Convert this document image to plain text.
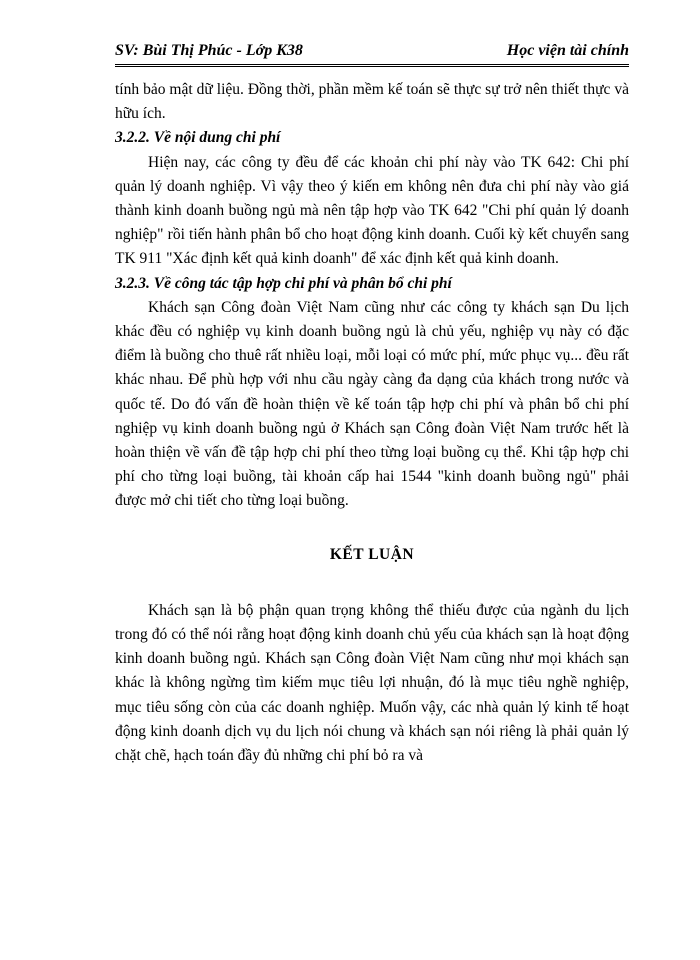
SV: Bùi Thị Phúc - Lớp K38	Học viện tài chính

tính bảo mật dữ liệu. Đồng thời, phần mềm kế toán sẽ thực sự trở nên thiết thực và hữu ích.

3.2.2. Về nội dung chi phí

Hiện nay, các công ty đều để các khoản chi phí này vào TK 642: Chi phí quản lý doanh nghiệp. Vì vậy theo ý kiến em không nên đưa chi phí này vào giá thành kinh doanh buồng ngủ mà nên tập hợp vào TK 642 "Chi phí quản lý doanh nghiệp" rồi tiến hành phân bổ cho hoạt động kinh doanh. Cuối kỳ kết chuyển sang TK 911 "Xác định kết quả kinh doanh" để xác định kết quả kinh doanh.

3.2.3. Về công tác tập hợp chi phí và phân bổ chi phí

Khách sạn Công đoàn Việt Nam cũng như các công ty khách sạn Du lịch khác đều có nghiệp vụ kinh doanh buồng ngủ là chủ yếu, nghiệp vụ này có đặc điểm là buồng cho thuê rất nhiều loại, mỗi loại có mức phí, mức phục vụ... đều rất khác nhau. Để phù hợp với nhu cầu ngày càng đa dạng của khách trong nước và quốc tế. Do đó vấn đề hoàn thiện về kế toán tập hợp chi phí và phân bổ chi phí nghiệp vụ kinh doanh buồng ngủ ở Khách sạn Công đoàn Việt Nam trước hết là hoàn thiện về vấn đề tập hợp chi phí theo từng loại buồng cụ thể. Khi tập hợp chi phí cho từng loại buồng, tài khoản cấp hai 1544 "kinh doanh buồng ngủ" phải được mở chi tiết cho từng loại buồng.

KẾT LUẬN

Khách sạn là bộ phận quan trọng không thể thiếu được của ngành du lịch trong đó có thể nói rằng hoạt động kinh doanh chủ yếu của khách sạn là hoạt động kinh doanh buồng ngủ. Khách sạn Công đoàn Việt Nam cũng như mọi khách sạn khác là không ngừng tìm kiếm mục tiêu lợi nhuận, đó là mục tiêu nghề nghiệp, mục tiêu sống còn của các doanh nghiệp. Muốn vậy, các nhà quản lý kinh tế hoạt động kinh doanh dịch vụ du lịch nói chung và khách sạn nói riêng là phải quản lý chặt chẽ, hạch toán đầy đủ những chi phí bỏ ra và
